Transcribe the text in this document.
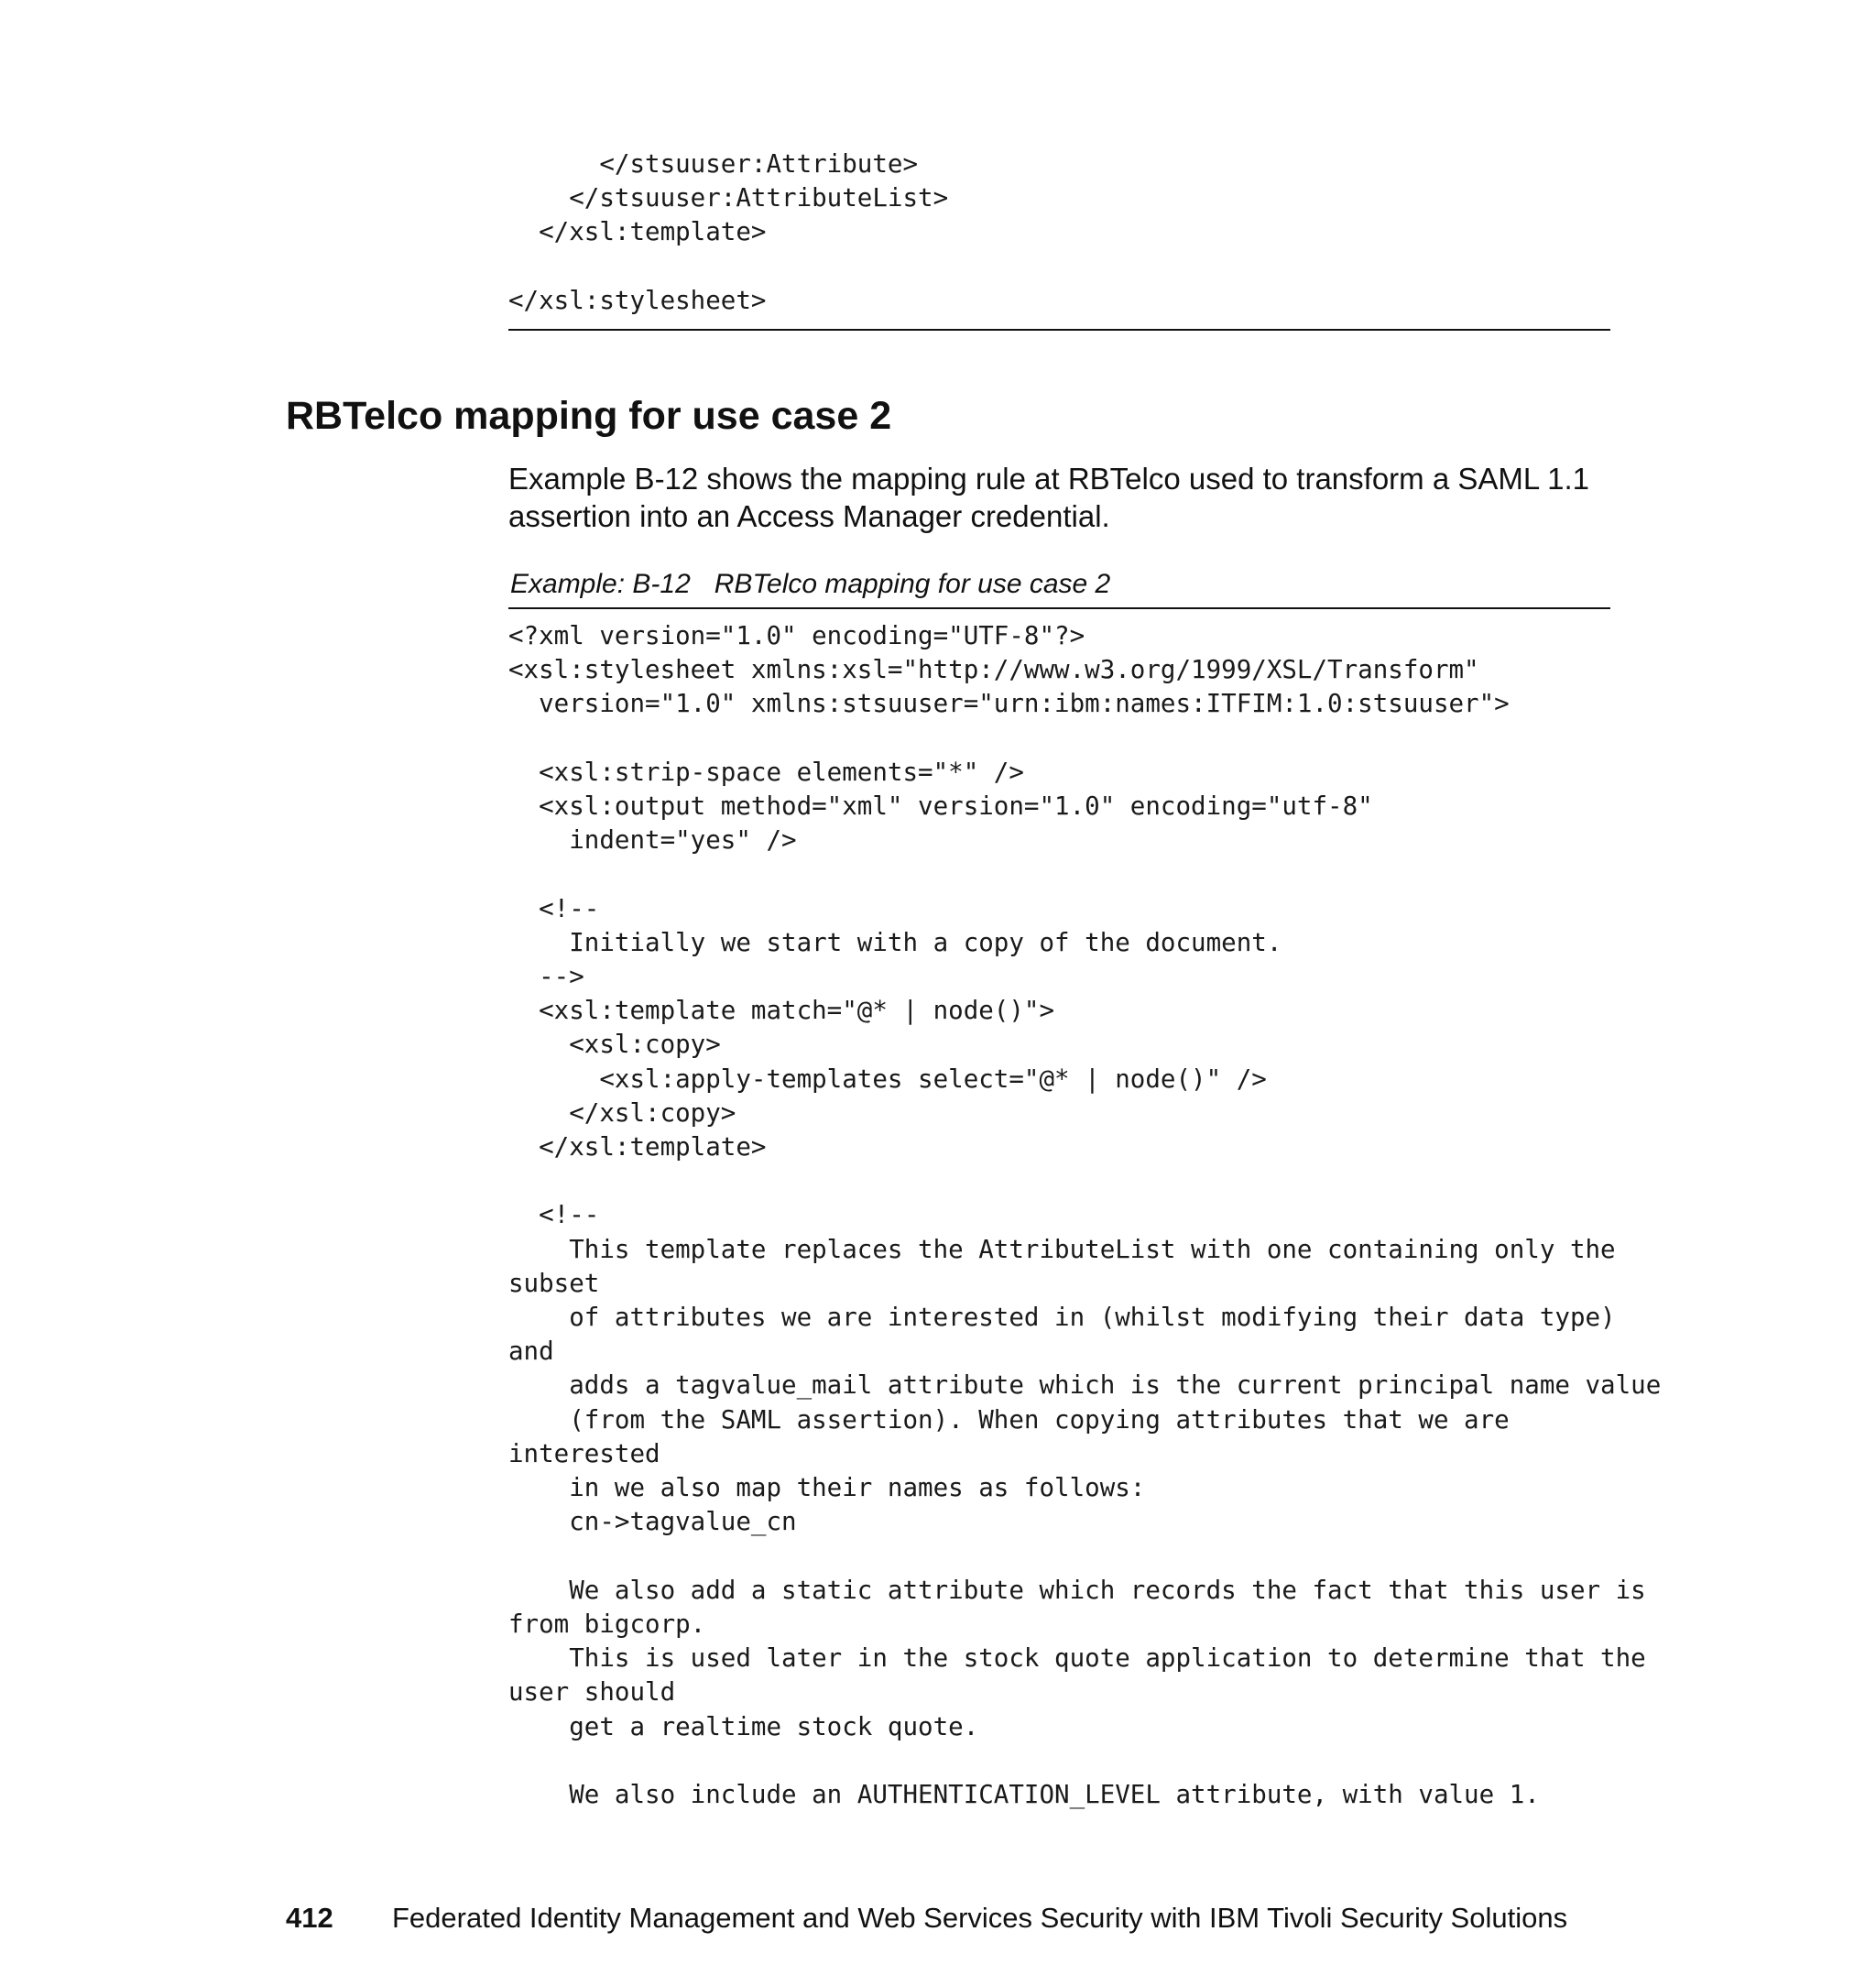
</stsuuser:Attribute>
</stsuuser:AttributeList>
</xsl:template>

</xsl:stylesheet>
RBTelco mapping for use case 2

Example B-12 shows the mapping rule at RBTelco used to transform a SAML 1.1 assertion into an Access Manager credential.

Example: B-12 RBTelco mapping for use case 2
<?xml version="1.0" encoding="UTF-8"?>
<xsl:stylesheet xmlns:xsl="http://www.w3.org/1999/XSL/Transform"
version="1.0" xmlns:stsuuser="urn:ibm:names:ITFIM:1.0:stsuuser">

<xsl:strip-space elements="*" />
<xsl:output method="xml" version="1.0" encoding="utf-8"
indent="yes" />

<!--
Initially we start with a copy of the document.
-->
<xsl:template match="@* | node()">
<xsl:copy>
<xsl:apply-templates select="@* | node()" />
</xsl:copy>
</xsl:template>

<!--
This template replaces the AttributeList with one containing only the
subset
of attributes we are interested in (whilst modifying their data type)
and
adds a tagvalue_mail attribute which is the current principal name value
(from the SAML assertion). When copying attributes that we are
interested
in we also map their names as follows:
cn->tagvalue_cn

We also add a static attribute which records the fact that this user is
from bigcorp.
This is used later in the stock quote application to determine that the
user should
get a realtime stock quote.

We also include an AUTHENTICATION_LEVEL attribute, with value 1.
412 Federated Identity Management and Web Services Security with IBM Tivoli Security Solutions
